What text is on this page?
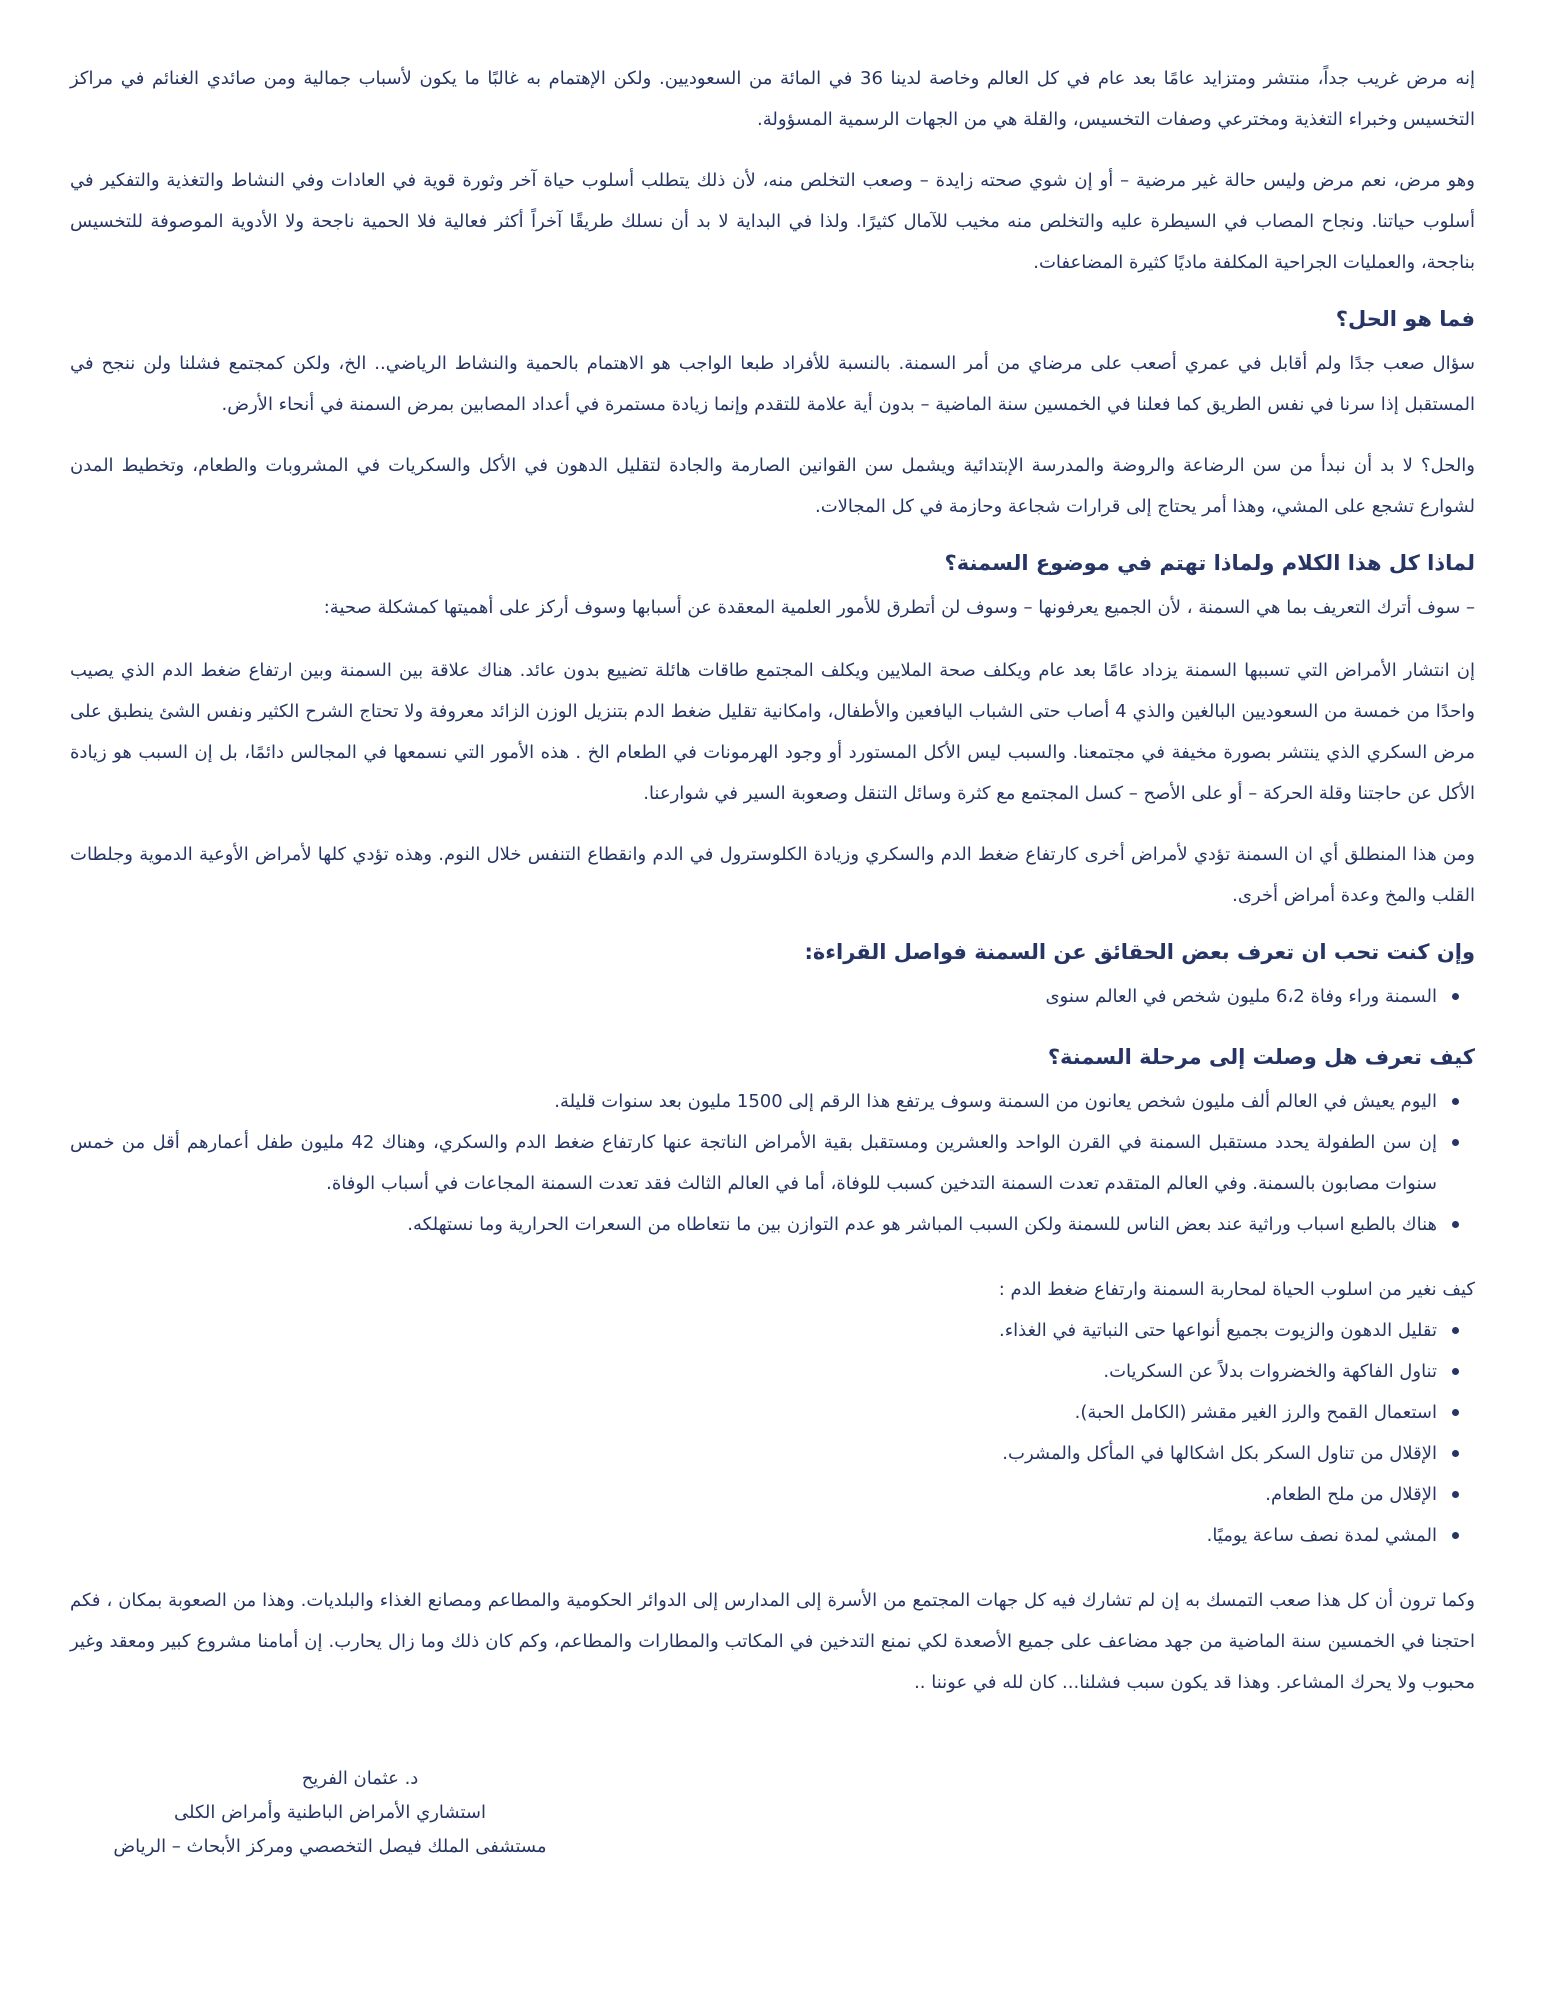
إنه مرض غريب جداً، منتشر ومتزايد عامًا بعد عام في كل العالم وخاصة لدينا 36 في المائة من السعوديين. ولكن الإهتمام به غالبًا ما يكون لأسباب جمالية ومن صائدي الغنائم في مراكز التخسيس وخبراء التغذية ومخترعي وصفات التخسيس، والقلة هي من الجهات الرسمية المسؤولة.

وهو مرض، نعم مرض وليس حالة غير مرضية – أو إن شوي صحته زايدة – وصعب التخلص منه، لأن ذلك يتطلب أسلوب حياة آخر وثورة قوية في العادات وفي النشاط والتغذية والتفكير في أسلوب حياتنا. ونجاح المصاب في السيطرة عليه والتخلص منه مخيب للآمال كثيرًا. ولذا في البداية لا بد أن نسلك طريقًا آخراً أكثر فعالية فلا الحمية ناجحة ولا الأدوية الموصوفة للتخسيس بناجحة، والعمليات الجراحية المكلفة ماديًا كثيرة المضاعفات.

فما هو الحل؟

سؤال صعب جدًا ولم أقابل في عمري أصعب على مرضاي من أمر السمنة. بالنسبة للأفراد طبعا الواجب هو الاهتمام بالحمية والنشاط الرياضي.. الخ، ولكن كمجتمع فشلنا ولن ننجح في المستقبل إذا سرنا في نفس الطريق كما فعلنا في الخمسين سنة الماضية – بدون أية علامة للتقدم وإنما زيادة مستمرة في أعداد المصابين بمرض السمنة في أنحاء الأرض.

والحل؟ لا بد أن نبدأ من سن الرضاعة والروضة والمدرسة الإبتدائية ويشمل سن القوانين الصارمة والجادة لتقليل الدهون في الأكل والسكريات في المشروبات والطعام، وتخطيط المدن لشوارع تشجع على المشي، وهذا أمر يحتاج إلى قرارات شجاعة وحازمة في كل المجالات.

لماذا كل هذا الكلام ولماذا تهتم في موضوع السمنة؟

– سوف أترك التعريف بما هي السمنة ، لأن الجميع يعرفونها – وسوف لن أتطرق للأمور العلمية المعقدة عن أسبابها وسوف أركز على أهميتها كمشكلة صحية:

إن انتشار الأمراض التي تسببها السمنة يزداد عامًا بعد عام ويكلف صحة الملايين ويكلف المجتمع طاقات هائلة تضييع بدون عائد. هناك علاقة بين السمنة وبين ارتفاع ضغط الدم الذي يصيب واحدًا من خمسة من السعوديين البالغين والذي 4 أصاب حتى الشباب اليافعين والأطفال، وامكانية تقليل ضغط الدم بتنزيل الوزن الزائد معروفة ولا تحتاج الشرح الكثير ونفس الشئ ينطبق على مرض السكري الذي ينتشر بصورة مخيفة في مجتمعنا. والسبب ليس الأكل المستورد أو وجود الهرمونات في الطعام الخ . هذه الأمور التي نسمعها في المجالس دائمًا، بل إن السبب هو زيادة الأكل عن حاجتنا وقلة الحركة – أو على الأصح – كسل المجتمع مع كثرة وسائل التنقل وصعوبة السير في شوارعنا.

ومن هذا المنطلق أي ان السمنة تؤدي لأمراض أخرى كارتفاع ضغط الدم والسكري وزيادة الكلوسترول في الدم وانقطاع التنفس خلال النوم. وهذه تؤدي كلها لأمراض الأوعية الدموية وجلطات القلب والمخ وعدة أمراض أخرى.

وإن كنت تحب ان تعرف بعض الحقائق عن السمنة فواصل القراءة:
السمنة وراء وفاة 6،2 مليون شخص في العالم سنوى
كيف تعرف هل وصلت إلى مرحلة السمنة؟
اليوم يعيش في العالم ألف مليون شخص يعانون من السمنة وسوف يرتفع هذا الرقم إلى 1500 مليون بعد سنوات قليلة.
إن سن الطفولة يحدد مستقبل السمنة في القرن الواحد والعشرين ومستقبل بقية الأمراض الناتجة عنها كارتفاع ضغط الدم والسكري، وهناك 42 مليون طفل أعمارهم أقل من خمس سنوات مصابون بالسمنة. وفي العالم المتقدم تعدت السمنة التدخين كسبب للوفاة، أما في العالم الثالث فقد تعدت السمنة المجاعات في أسباب الوفاة.
هناك بالطبع اسباب وراثية عند بعض الناس للسمنة ولكن السبب المباشر هو عدم التوازن بين ما نتعاطاه من السعرات الحرارية وما نستهلكه.

كيف نغير من اسلوب الحياة لمحاربة السمنة وارتفاع ضغط الدم :

تقليل الدهون والزيوت بجميع أنواعها حتى النباتية في الغذاء.
تناول الفاكهة والخضروات بدلاً عن السكريات.
استعمال القمح والرز الغير مقشر (الكامل الحبة).
الإقلال من تناول السكر بكل اشكالها في المأكل والمشرب.
الإقلال من ملح الطعام.
المشي لمدة نصف ساعة يوميًا.

وكما ترون أن كل هذا صعب التمسك به إن لم تشارك فيه كل جهات المجتمع من الأسرة إلى المدارس إلى الدوائر الحكومية والمطاعم ومصانع الغذاء والبلديات. وهذا من الصعوبة بمكان ، فكم احتجنا في الخمسين سنة الماضية من جهد مضاعف على جميع الأصعدة لكي نمنع التدخين في المكاتب والمطارات والمطاعم، وكم كان ذلك وما زال يحارب. إن أمامنا مشروع كبير ومعقد وغير محبوب ولا يحرك المشاعر. وهذا قد يكون سبب فشلنا... كان لله في عوننا ..

د. عثمان الفريح
استشاري الأمراض الباطنية وأمراض الكلى
مستشفى الملك فيصل التخصصي ومركز الأبحاث – الرياض
